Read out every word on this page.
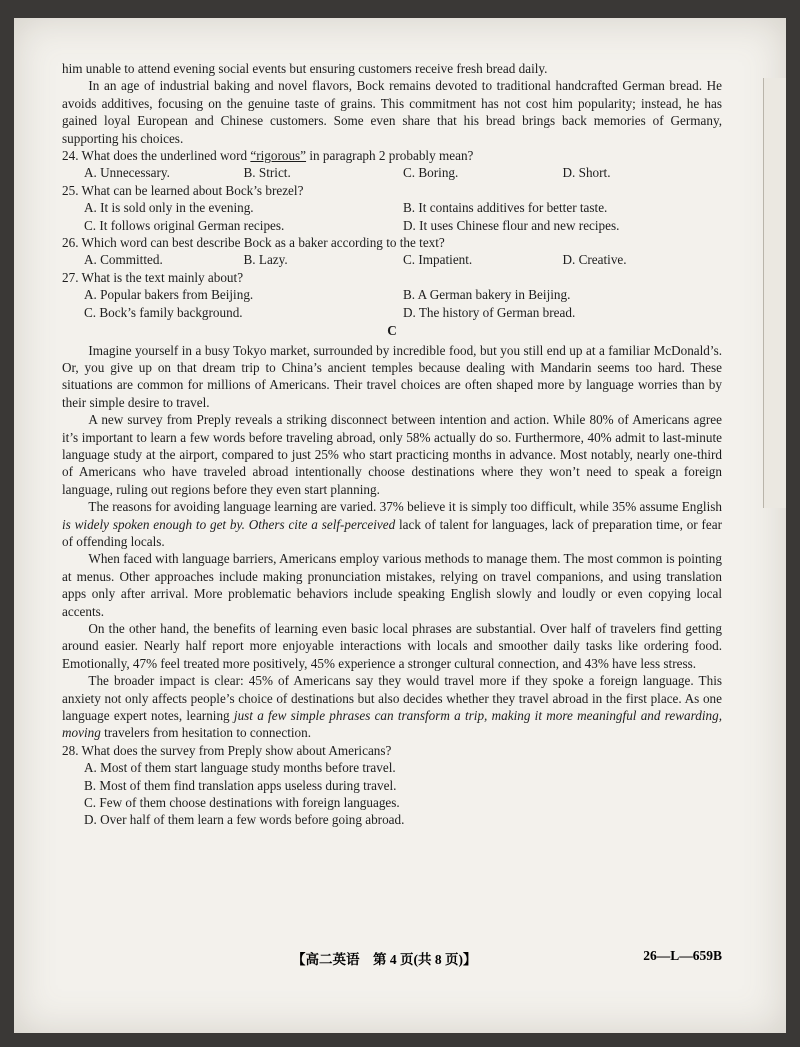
him unable to attend evening social events but ensuring customers receive fresh bread daily.

In an age of industrial baking and novel flavors, Bock remains devoted to traditional handcrafted German bread. He avoids additives, focusing on the genuine taste of grains. This commitment has not cost him popularity; instead, he has gained loyal European and Chinese customers. Some even share that his bread brings back memories of Germany, supporting his choices.

24. What does the underlined word “rigorous” in paragraph 2 probably mean?
A. Unnecessary.	B. Strict.	C. Boring.	D. Short.
25. What can be learned about Bock’s brezel?
A. It is sold only in the evening.	B. It contains additives for better taste.
C. It follows original German recipes.	D. It uses Chinese flour and new recipes.
26. Which word can best describe Bock as a baker according to the text?
A. Committed.	B. Lazy.	C. Impatient.	D. Creative.
27. What is the text mainly about?
A. Popular bakers from Beijing.	B. A German bakery in Beijing.
C. Bock’s family background.	D. The history of German bread.
C

Imagine yourself in a busy Tokyo market, surrounded by incredible food, but you still end up at a familiar McDonald’s. Or, you give up on that dream trip to China’s ancient temples because dealing with Mandarin seems too hard. These situations are common for millions of Americans. Their travel choices are often shaped more by language worries than by their simple desire to travel.

A new survey from Preply reveals a striking disconnect between intention and action. While 80% of Americans agree it’s important to learn a few words before traveling abroad, only 58% actually do so. Furthermore, 40% admit to last-minute language study at the airport, compared to just 25% who start practicing months in advance. Most notably, nearly one-third of Americans who have traveled abroad intentionally choose destinations where they won’t need to speak a foreign language, ruling out regions before they even start planning.

The reasons for avoiding language learning are varied. 37% believe it is simply too difficult, while 35% assume English is widely spoken enough to get by. Others cite a self-perceived lack of talent for languages, lack of preparation time, or fear of offending locals.

When faced with language barriers, Americans employ various methods to manage them. The most common is pointing at menus. Other approaches include making pronunciation mistakes, relying on travel companions, and using translation apps only after arrival. More problematic behaviors include speaking English slowly and loudly or even copying local accents.

On the other hand, the benefits of learning even basic local phrases are substantial. Over half of travelers find getting around easier. Nearly half report more enjoyable interactions with locals and smoother daily tasks like ordering food. Emotionally, 47% feel treated more positively, 45% experience a stronger cultural connection, and 43% have less stress.

The broader impact is clear: 45% of Americans say they would travel more if they spoke a foreign language. This anxiety not only affects people’s choice of destinations but also decides whether they travel abroad in the first place. As one language expert notes, learning just a few simple phrases can transform a trip, making it more meaningful and rewarding, moving travelers from hesitation to connection.

28. What does the survey from Preply show about Americans?
A. Most of them start language study months before travel.
B. Most of them find translation apps useless during travel.
C. Few of them choose destinations with foreign languages.
D. Over half of them learn a few words before going abroad.
【高二英语　第 4 页(共 8 页)】	26—L—659B
